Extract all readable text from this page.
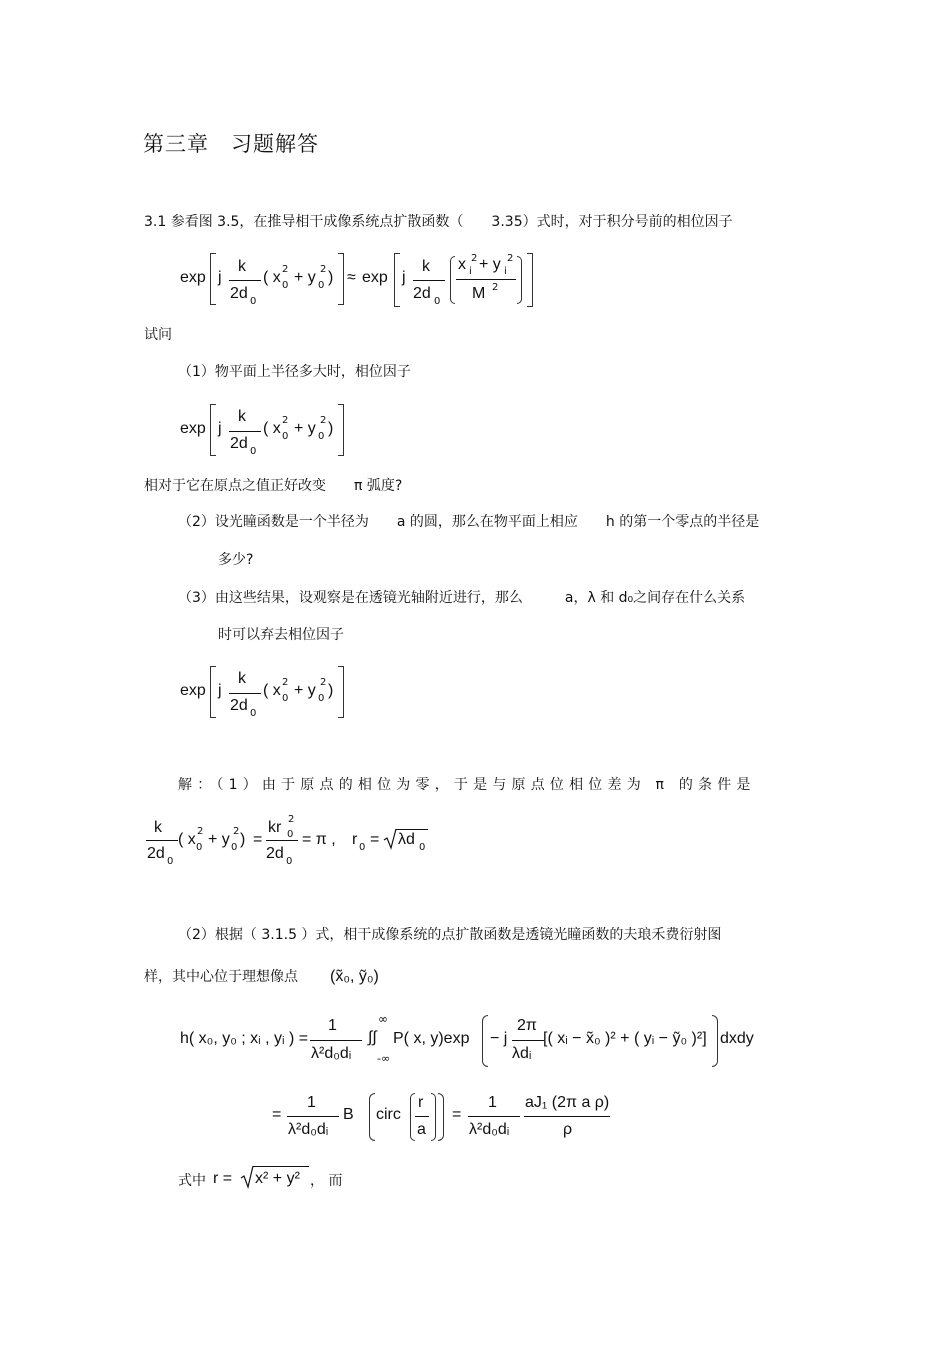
第三章　习题解答
3.1 参看图 3.5，在推导相干成像系统点扩散函数（　　3.35）式时，对于积分号前的相位因子
exp j
k
2d 0
( x 2
0 + y 2
0 ) ≈ exp j
k
2d 0
x 2
i + y 2
i
M 2
试问
（1）物平面上半径多大时，相位因子
exp j
k
2d 0
( x 2
0 + y 2
0 )
相对于它在原点之值正好改变　　π 弧度?
（2）设光瞳函数是一个半径为　　a 的圆，那么在物平面上相应　　h 的第一个零点的半径是
多少?
（3）由这些结果，设观察是在透镜光轴附近进行，那么　　　a，λ 和 d₀之间存在什么关系
时可以弃去相位因子
exp j
k
2d 0
( x 2
0 + y 2
0 )
解：（1）由于原点的相位为零，于是与原点位相位差为 π 的条件是
k
2d 0
( x 2
0 + y 2
0 ) =
kr 2
0
2d 0
= π , r 0 = λd 0
（2）根据（ 3.1.5 ）式，相干成像系统的点扩散函数是透镜光瞳函数的夫琅禾费衍射图
样，其中心位于理想像点 (x̃₀, ỹ₀)
h( x₀, y₀ ; xᵢ , yᵢ ) =
1
λ²d₀dᵢ
∞
∫∫
-∞
P( x, y)exp − j
2π
λdᵢ
[( xᵢ − x̃₀ )² + ( yᵢ − ỹ₀ )²] dxdy
=
1
λ²d₀dᵢ
B circ
r
a
=
1
λ²d₀dᵢ
aJ₁ (2π a ρ)
ρ
式中 r = x² + y² ， 而
